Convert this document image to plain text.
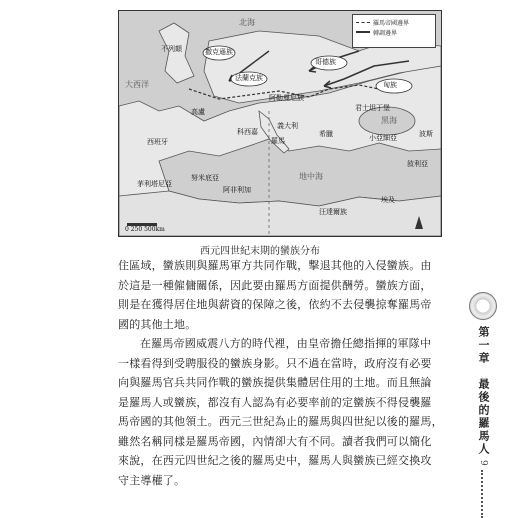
羅馬帝國邊界
轉調邊界
北海
不列顛
大西洋
撒克遜族
法蘭克族
哥德族
匈族
高盧
阿勒曼尼族
西班牙
科西嘉
義大利
羅馬
希臘
君士坦丁堡
黑海
小亞細亞
敘利亞
波斯
地中海
茅利塔尼亞
努米底亞
阿非利加
汪達爾族
埃及
0 250 500km
西元四世紀末期的蠻族分布
住區域，蠻族則與羅馬軍方共同作戰，擊退其他的入侵蠻族。由
於這是一種僱傭關係，因此要由羅馬方面提供酬勞。蠻族方面，
則是在獲得居住地與薪資的保障之後，依約不去侵襲掠奪羅馬帝
國的其他土地。
在羅馬帝國威震八方的時代裡，由皇帝擔任總指揮的軍隊中
一樣看得到受聘服役的蠻族身影。只不過在當時，政府沒有必要
向與羅馬官兵共同作戰的蠻族提供集體居住用的土地。而且無論
是羅馬人或蠻族，都沒有人認為有必要率前的定蠻族不得侵襲羅
馬帝國的其他領土。西元三世紀為止的羅馬與四世紀以後的羅馬，
雖然名稱同樣是羅馬帝國，內情卻大有不同。讀者我們可以簡化
來說，在西元四世紀之後的羅馬史中，羅馬人與蠻族已經交換攻
守主導權了。
第一章　最後的羅馬人
9
